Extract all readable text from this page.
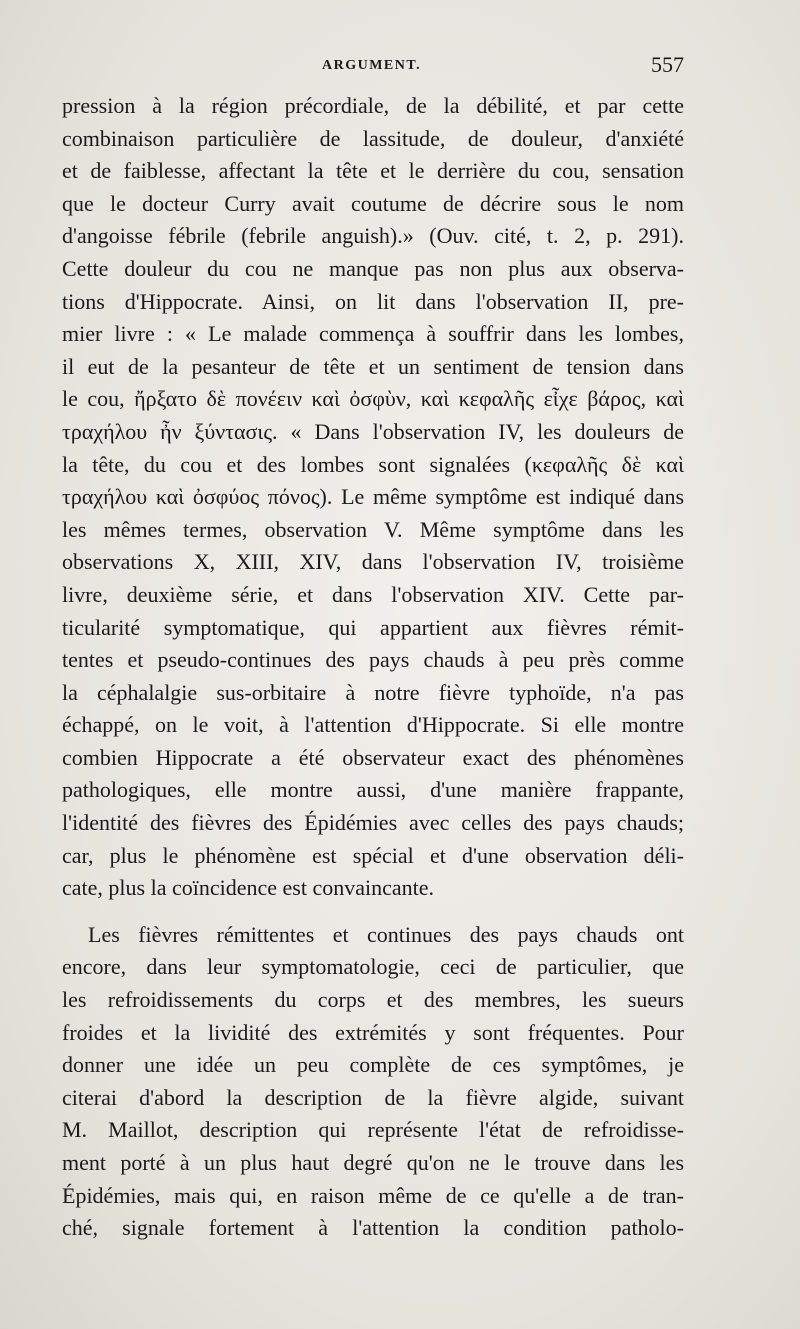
ARGUMENT.	557
pression à la région précordiale, de la débilité, et par cette
combinaison particulière de lassitude, de douleur, d'anxiété
et de faiblesse, affectant la tête et le derrière du cou, sensation
que le docteur Curry avait coutume de décrire sous le nom
d'angoisse fébrile (febrile anguish).» (Ouv. cité, t. 2, p. 291).
Cette douleur du cou ne manque pas non plus aux observa-
tions d'Hippocrate. Ainsi, on lit dans l'observation II, pre-
mier livre : « Le malade commença à souffrir dans les lombes,
il eut de la pesanteur de tête et un sentiment de tension dans
le cou, ἤρξατο δὲ πονέειν καὶ ὀσφὺν, καὶ κεφαλῆς εἶχε βάρος, καὶ
τραχήλου ἦν ξύντασις. « Dans l'observation IV, les douleurs de
la tête, du cou et des lombes sont signalées (κεφαλῆς δὲ καὶ
τραχήλου καὶ ὀσφύος πόνος). Le même symptôme est indiqué dans
les mêmes termes, observation V. Même symptôme dans les
observations X, XIII, XIV, dans l'observation IV, troisième
livre, deuxième série, et dans l'observation XIV. Cette par-
ticularité symptomatique, qui appartient aux fièvres rémit-
tentes et pseudo-continues des pays chauds à peu près comme
la céphalalgie sus-orbitaire à notre fièvre typhoïde, n'a pas
échappé, on le voit, à l'attention d'Hippocrate. Si elle montre
combien Hippocrate a été observateur exact des phénomènes
pathologiques, elle montre aussi, d'une manière frappante,
l'identité des fièvres des Épidémies avec celles des pays chauds;
car, plus le phénomène est spécial et d'une observation déli-
cate, plus la coïncidence est convaincante.
Les fièvres rémittentes et continues des pays chauds ont
encore, dans leur symptomatologie, ceci de particulier, que
les refroidissements du corps et des membres, les sueurs
froides et la lividité des extrémités y sont fréquentes. Pour
donner une idée un peu complète de ces symptômes, je
citerai d'abord la description de la fièvre algide, suivant
M. Maillot, description qui représente l'état de refroidisse-
ment porté à un plus haut degré qu'on ne le trouve dans les
Épidémies, mais qui, en raison même de ce qu'elle a de tran-
ché, signale fortement à l'attention la condition patholo-
